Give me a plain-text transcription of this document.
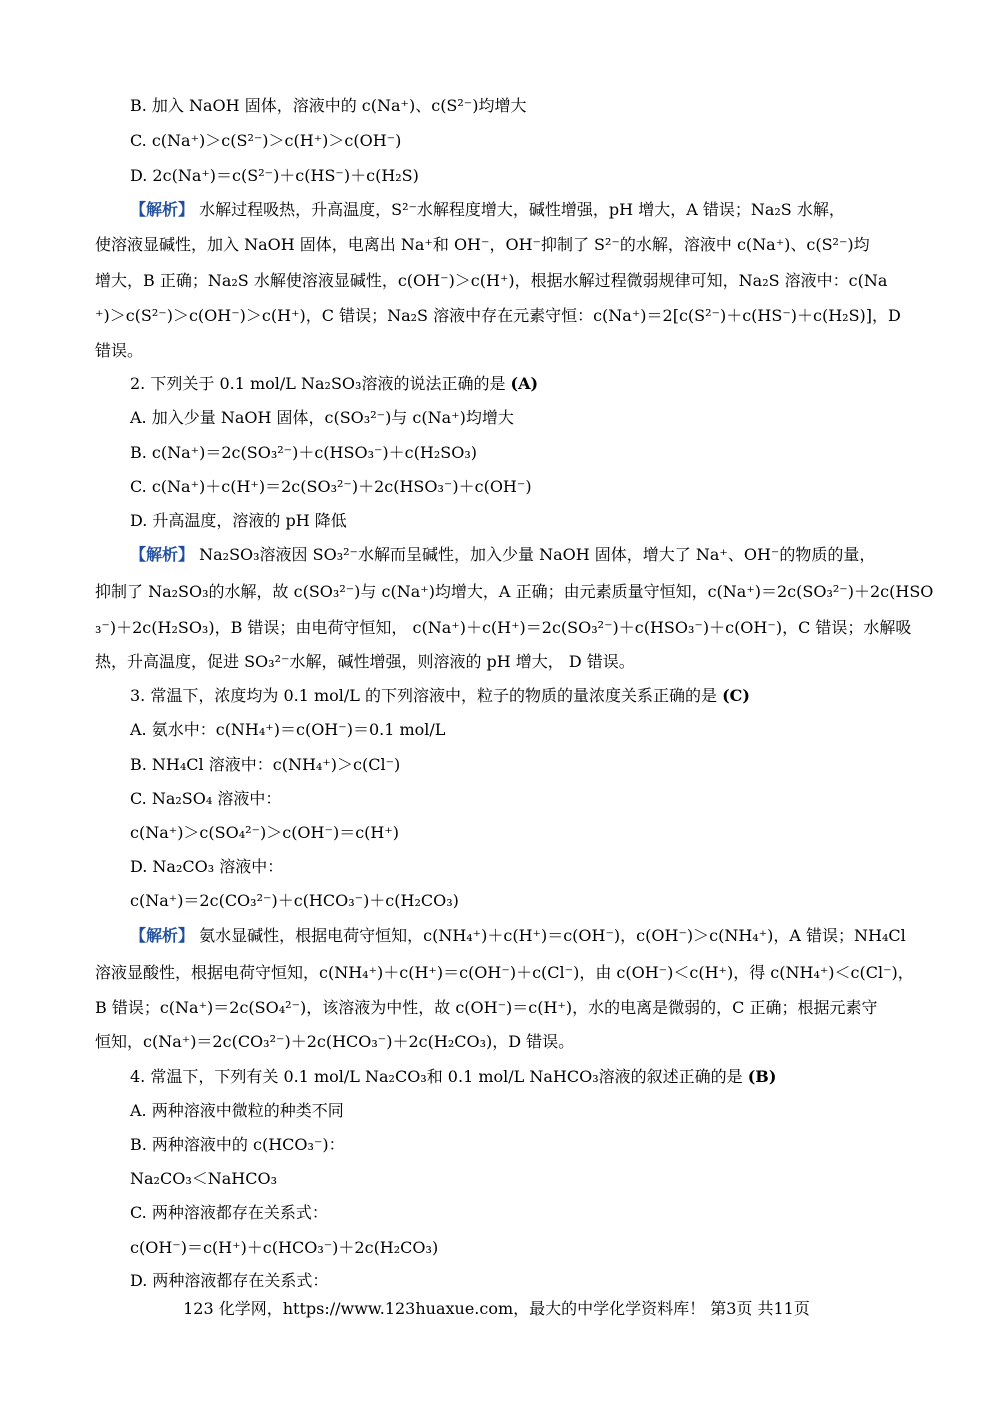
B. 加入 NaOH 固体，溶液中的 c(Na⁺)、c(S²⁻)均增大
C. c(Na⁺)＞c(S²⁻)＞c(H⁺)＞c(OH⁻)
D. 2c(Na⁺)＝c(S²⁻)＋c(HS⁻)＋c(H₂S)
【解析】 水解过程吸热，升高温度，S²⁻水解程度增大，碱性增强，pH 增大，A 错误；Na₂S 水解，
使溶液显碱性，加入 NaOH 固体，电离出 Na⁺和 OH⁻，OH⁻抑制了 S²⁻的水解，溶液中 c(Na⁺)、c(S²⁻)均
增大，B 正确；Na₂S 水解使溶液显碱性，c(OH⁻)＞c(H⁺)，根据水解过程微弱规律可知，Na₂S 溶液中：c(Na
⁺)＞c(S²⁻)＞c(OH⁻)＞c(H⁺)，C 错误；Na₂S 溶液中存在元素守恒：c(Na⁺)＝2[c(S²⁻)＋c(HS⁻)＋c(H₂S)]，D
错误。
2. 下列关于 0.1 mol/L Na₂SO₃溶液的说法正确的是 (A)
A. 加入少量 NaOH 固体，c(SO₃²⁻)与 c(Na⁺)均增大
B. c(Na⁺)＝2c(SO₃²⁻)＋c(HSO₃⁻)＋c(H₂SO₃)
C. c(Na⁺)＋c(H⁺)＝2c(SO₃²⁻)＋2c(HSO₃⁻)＋c(OH⁻)
D. 升高温度，溶液的 pH 降低
【解析】 Na₂SO₃溶液因 SO₃²⁻水解而呈碱性，加入少量 NaOH 固体，增大了 Na⁺、OH⁻的物质的量，
抑制了 Na₂SO₃的水解，故 c(SO₃²⁻)与 c(Na⁺)均增大，A 正确；由元素质量守恒知，c(Na⁺)＝2c(SO₃²⁻)＋2c(HSO
₃⁻)＋2c(H₂SO₃)，B 错误；由电荷守恒知， c(Na⁺)＋c(H⁺)＝2c(SO₃²⁻)＋c(HSO₃⁻)＋c(OH⁻)，C 错误；水解吸
热，升高温度，促进 SO₃²⁻水解，碱性增强，则溶液的 pH 增大， D 错误。
3. 常温下，浓度均为 0.1 mol/L 的下列溶液中，粒子的物质的量浓度关系正确的是 (C)
A. 氨水中：c(NH₄⁺)＝c(OH⁻)＝0.1 mol/L
B. NH₄Cl 溶液中：c(NH₄⁺)＞c(Cl⁻)
C. Na₂SO₄ 溶液中：
c(Na⁺)＞c(SO₄²⁻)＞c(OH⁻)＝c(H⁺)
D. Na₂CO₃ 溶液中：
c(Na⁺)＝2c(CO₃²⁻)＋c(HCO₃⁻)＋c(H₂CO₃)
【解析】 氨水显碱性，根据电荷守恒知，c(NH₄⁺)＋c(H⁺)＝c(OH⁻)，c(OH⁻)＞c(NH₄⁺)，A 错误；NH₄Cl
溶液显酸性，根据电荷守恒知，c(NH₄⁺)＋c(H⁺)＝c(OH⁻)＋c(Cl⁻)，由 c(OH⁻)＜c(H⁺)，得 c(NH₄⁺)＜c(Cl⁻)，
B 错误；c(Na⁺)＝2c(SO₄²⁻)，该溶液为中性，故 c(OH⁻)＝c(H⁺)，水的电离是微弱的，C 正确；根据元素守
恒知，c(Na⁺)＝2c(CO₃²⁻)＋2c(HCO₃⁻)＋2c(H₂CO₃)，D 错误。
4. 常温下，下列有关 0.1 mol/L Na₂CO₃和 0.1 mol/L NaHCO₃溶液的叙述正确的是 (B)
A. 两种溶液中微粒的种类不同
B. 两种溶液中的 c(HCO₃⁻)：
Na₂CO₃＜NaHCO₃
C. 两种溶液都存在关系式：
c(OH⁻)＝c(H⁺)＋c(HCO₃⁻)＋2c(H₂CO₃)
D. 两种溶液都存在关系式：
123 化学网，https://www.123huaxue.com，最大的中学化学资料库！ 第3页 共11页
